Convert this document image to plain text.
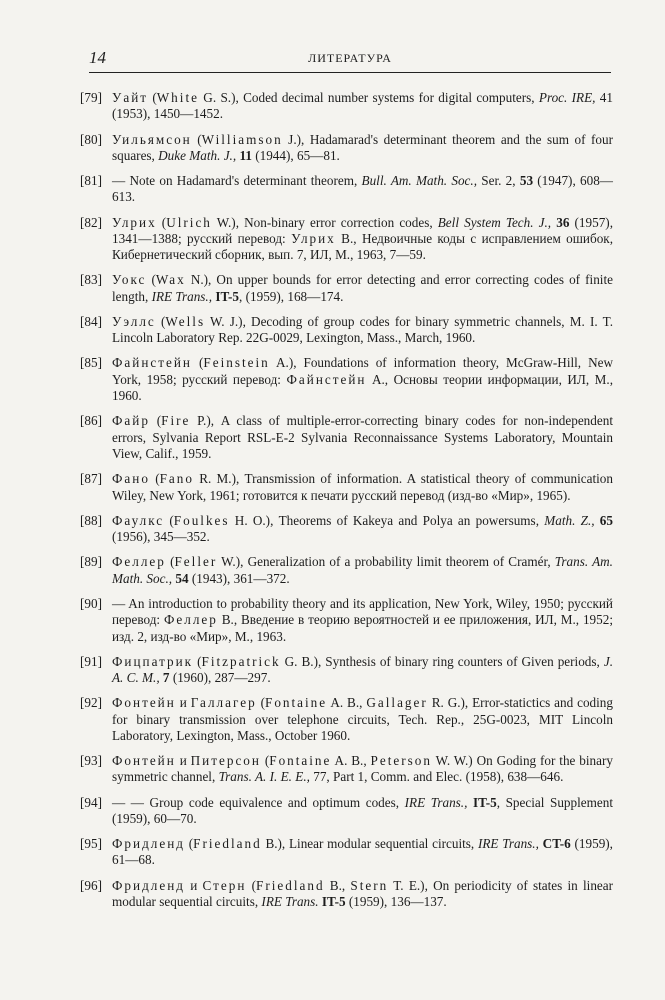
14	ЛИТЕРАТУРА
[79] Уайт (White G. S.), Coded decimal number systems for digital computers, Proc. IRE, 41 (1953), 1450—1452.
[80] Уильямсон (Williamson J.), Hadamarad's determinant theorem and the sum of four squares, Duke Math. J., 11 (1944), 65—81.
[81] — Note on Hadamard's determinant theorem, Bull. Am. Math. Soc., Ser. 2, 53 (1947), 608—613.
[82] Улрих (Ulrich W.), Non-binary error correction codes, Bell System Tech. J., 36 (1957), 1341—1388; русский перевод: Улрих В., Недвоичные коды с исправлением ошибок, Кибернетический сборник, вып. 7, ИЛ, М., 1963, 7—59.
[83] Уокс (Wax N.), On upper bounds for error detecting and error correcting codes of finite length, IRE Trans., IT-5, (1959), 168—174.
[84] Уэллс (Wells W. J.), Decoding of group codes for binary symmetric channels, M. I. T. Lincoln Laboratory Rep. 22G-0029, Lexington, Mass., March, 1960.
[85] Файнстейн (Feinstein A.), Foundations of information theory, McGraw-Hill, New York, 1958; русский перевод: Файнстейн А., Основы теории информации, ИЛ, М., 1960.
[86] Файр (Fire P.), A class of multiple-error-correcting binary codes for non-independent errors, Sylvania Report RSL-E-2 Sylvania Reconnaissance Systems Laboratory, Mountain View, Calif., 1959.
[87] Фано (Fano R. M.), Transmission of information. A statistical theory of communication Wiley, New York, 1961; готовится к печати русский перевод (изд-во «Мир», 1965).
[88] Фаулкс (Foulkes H. O.), Theorems of Kakeya and Polya an powersums, Math. Z., 65 (1956), 345—352.
[89] Феллер (Feller W.), Generalization of a probability limit theorem of Cramér, Trans. Am. Math. Soc., 54 (1943), 361—372.
[90] — An introduction to probability theory and its application, New York, Wiley, 1950; русский перевод: Феллер В., Введение в теорию вероятностей и ее приложения, ИЛ, М., 1952; изд. 2, изд-во «Мир», М., 1963.
[91] Фицпатрик (Fitzpatrick G. B.), Synthesis of binary ring counters of Given periods, J. A. C. M., 7 (1960), 287—297.
[92] Фонтейн и Галлагер (Fontaine A. B., Gallager R. G.), Error-statictics and coding for binary transmission over telephone circuits, Tech. Rep., 25G-0023, MIT Lincoln Laboratory, Lexington, Mass., October 1960.
[93] Фонтейн и Питерсон (Fontaine A. B., Peterson W. W.) On Goding for the binary symmetric channel, Trans. A. I. E. E., 77, Part 1, Comm. and Elec. (1958), 638—646.
[94] — — Group code equivalence and optimum codes, IRE Trans., IT-5, Special Supplement (1959), 60—70.
[95] Фридленд (Friedland B.), Linear modular sequential circuits, IRE Trans., CT-6 (1959), 61—68.
[96] Фридленд и Стерн (Friedland B., Stern T. E.), On periodicity of states in linear modular sequential circuits, IRE Trans. IT-5 (1959), 136—137.
